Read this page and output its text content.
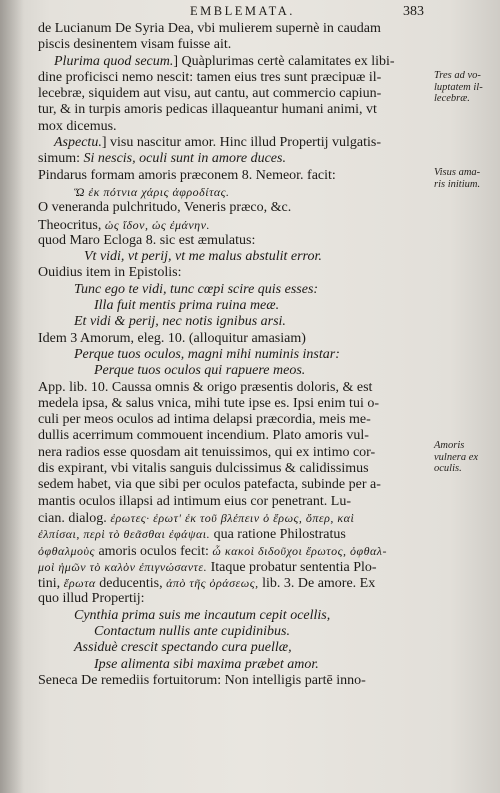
EMBLEMATA.	383
de Lucianum De Syria Dea, vbi mulierem supernè in caudam
piscis desinentem visam fuisse ait.
Plurima quod secum.] Quàplurimas certè calamitates ex libi-
dine proficisci nemo nescit: tamen eius tres sunt præcipuæ il-
lecebræ, siquidem aut visu, aut cantu, aut commercio capiun-
tur, & in turpis amoris pedicas illaqueantur humani animi, vt
mox dicemus.
Aspectu.] visu nascitur amor. Hinc illud Propertij vulgatis-
simum: Si nescis, oculi sunt in amore duces.
Pindarus formam amoris præconem 8. Nemeor. facit:
Ὥ ἐκ πότνια χάρις ἀφροδίτας.
O veneranda pulchritudo, Veneris præco, &c.
Theocritus, ὡς ἴδον, ὡς ἐμάνην.
quod Maro Ecloga 8. sic est æmulatus:
Vt vidi, vt perij, vt me malus abstulit error.
Ouidius item in Epistolis:
Tunc ego te vidi, tunc cœpi scire quis esses:
Illa fuit mentis prima ruina meæ.
Et vidi & perij, nec notis ignibus arsi.
Idem 3 Amorum, eleg. 10. (alloquitur amasiam)
Perque tuos oculos, magni mihi numinis instar:
Perque tuos oculos qui rapuere meos.
App. lib. 10. Caussa omnis & origo præsentis doloris, & est
medela ipsa, & salus vnica, mihi tute ipse es. Ipsi enim tui o-
culi per meos oculos ad intima delapsi præcordia, meis me-
dullis acerrimum commouent incendium. Plato amoris vul-
nera radios esse quosdam ait tenuissimos, qui ex intimo cor-
dis expirant, vbi vitalis sanguis dulcissimus & calidissimus
sedem habet, via que sibi per oculos patefacta, subinde per a-
mantis oculos illapsi ad intimum eius cor penetrant. Lu-
cian. dialog. ἐρωτες· ἐρωτ' ἐκ τοῦ βλέπειν ὁ ἔρως, ὅπερ, καὶ
ἐλπίσαι, περὶ τὸ θεᾶσθαι ἐφάψαι. qua ratione Philostratus
ὀφθαλμοὺς amoris oculos fecit: ὦ κακοὶ διδοῦχοι ἔρωτος, ὀφθαλ-
μοὶ ἡμῶν τὸ καλὸν ἐπιγνώσαντε. Itaque probatur sententia Plo-
tini, ἔρωτα deducentis, ἀπὸ τῆς ὁράσεως, lib. 3. De amore. Ex
quo illud Propertij:
Cynthia prima suis me incautum cepit ocellis,
Contactum nullis ante cupidinibus.
Assiduè crescit spectando cura puellæ,
Ipse alimenta sibi maxima præbet amor.
Seneca De remediis fortuitorum: Non intelligis partē inno-
Tres ad vo-
luptatem il-
lecebræ.
Visus ama-
ris initium.
Amoris
vulnera ex
oculis.
